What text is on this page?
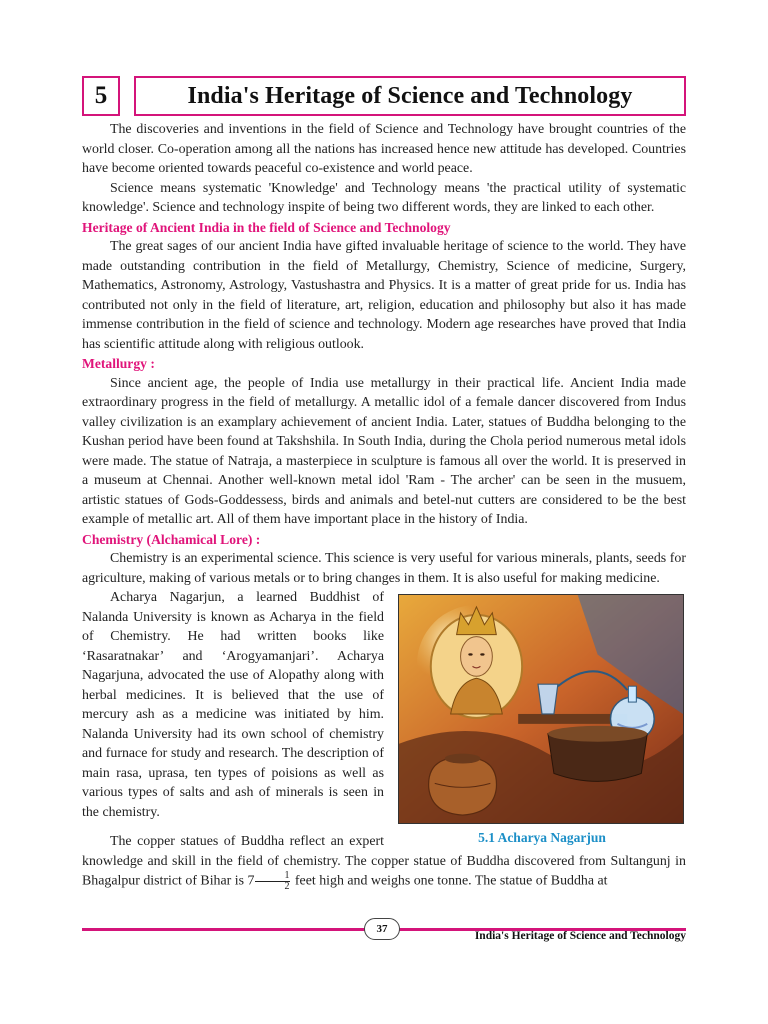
5	India's Heritage of Science and Technology

The discoveries and inventions in the field of Science and Technology have brought countries of the world closer. Co-operation among all the nations has increased hence new attitude has developed. Countries have become oriented towards peaceful co-existence and world peace.

Science means systematic 'Knowledge' and Technology means 'the practical utility of systematic knowledge'. Science and technology inspite of being two different words, they are linked to each other.

Heritage of Ancient India in the field of Science and Technology

The great sages of our ancient India have gifted invaluable heritage of science to the world. They have made outstanding contribution in the field of Metallurgy, Chemistry, Science of medicine, Surgery, Mathematics, Astronomy, Astrology, Vastushastra and Physics. It is a matter of great pride for us. India has contributed not only in the field of literature, art, religion, education and philosophy but also it has made immense contribution in the field of science and technology. Modern age researches have proved that India has scientific attitude along with religious outlook.

Metallurgy :

Since ancient age, the people of India use metallurgy in their practical life. Ancient India made extraordinary progress in the field of metallurgy. A metallic idol of a female dancer discovered from Indus valley civilization is an examplary achievement of ancient India. Later, statues of Buddha belonging to the Kushan period have been found at Takshshila. In South India, during the Chola period numerous metal idols were made. The statue of Natraja, a masterpiece in sculpture is famous all over the world. It is preserved in a museum at Chennai. Another well-known metal idol 'Ram - The archer' can be seen in the musuem, artistic statues of Gods-Goddessess, birds and animals and betel-nut cutters are considered to be the best example of metallic art. All of them have important place in the history of India.

Chemistry (Alchamical Lore) :

Chemistry is an experimental science. This science is very useful for various minerals, plants, seeds for agriculture, making of various metals or to bring changes in them. It is also useful for making medicine.

5.1 Acharya Nagarjun

Acharya Nagarjun, a learned Buddhist of Nalanda University is known as Acharya in the field of Chemistry. He had written books like ‘Rasaratnakar’ and ‘Arogyamanjari’. Acharya Nagarjuna, advocated the use of Alopathy along with herbal medicines. It is believed that the use of mercury ash as a medicine was initiated by him. Nalanda University had its own school of chemistry and furnace for study and research. The description of main rasa, uprasa, ten types of poisions as well as various types of salts and ash of minerals is seen in the chemistry.

The copper statues of Buddha reflect an expert knowledge and skill in the field of chemistry. The copper statue of Buddha discovered from Sultangunj in Bhagalpur district of Bihar is $7 \frac{1}{2}$ feet high and weighs one tonne. The statue of Buddha at

37
India's Heritage of Science and Technology
